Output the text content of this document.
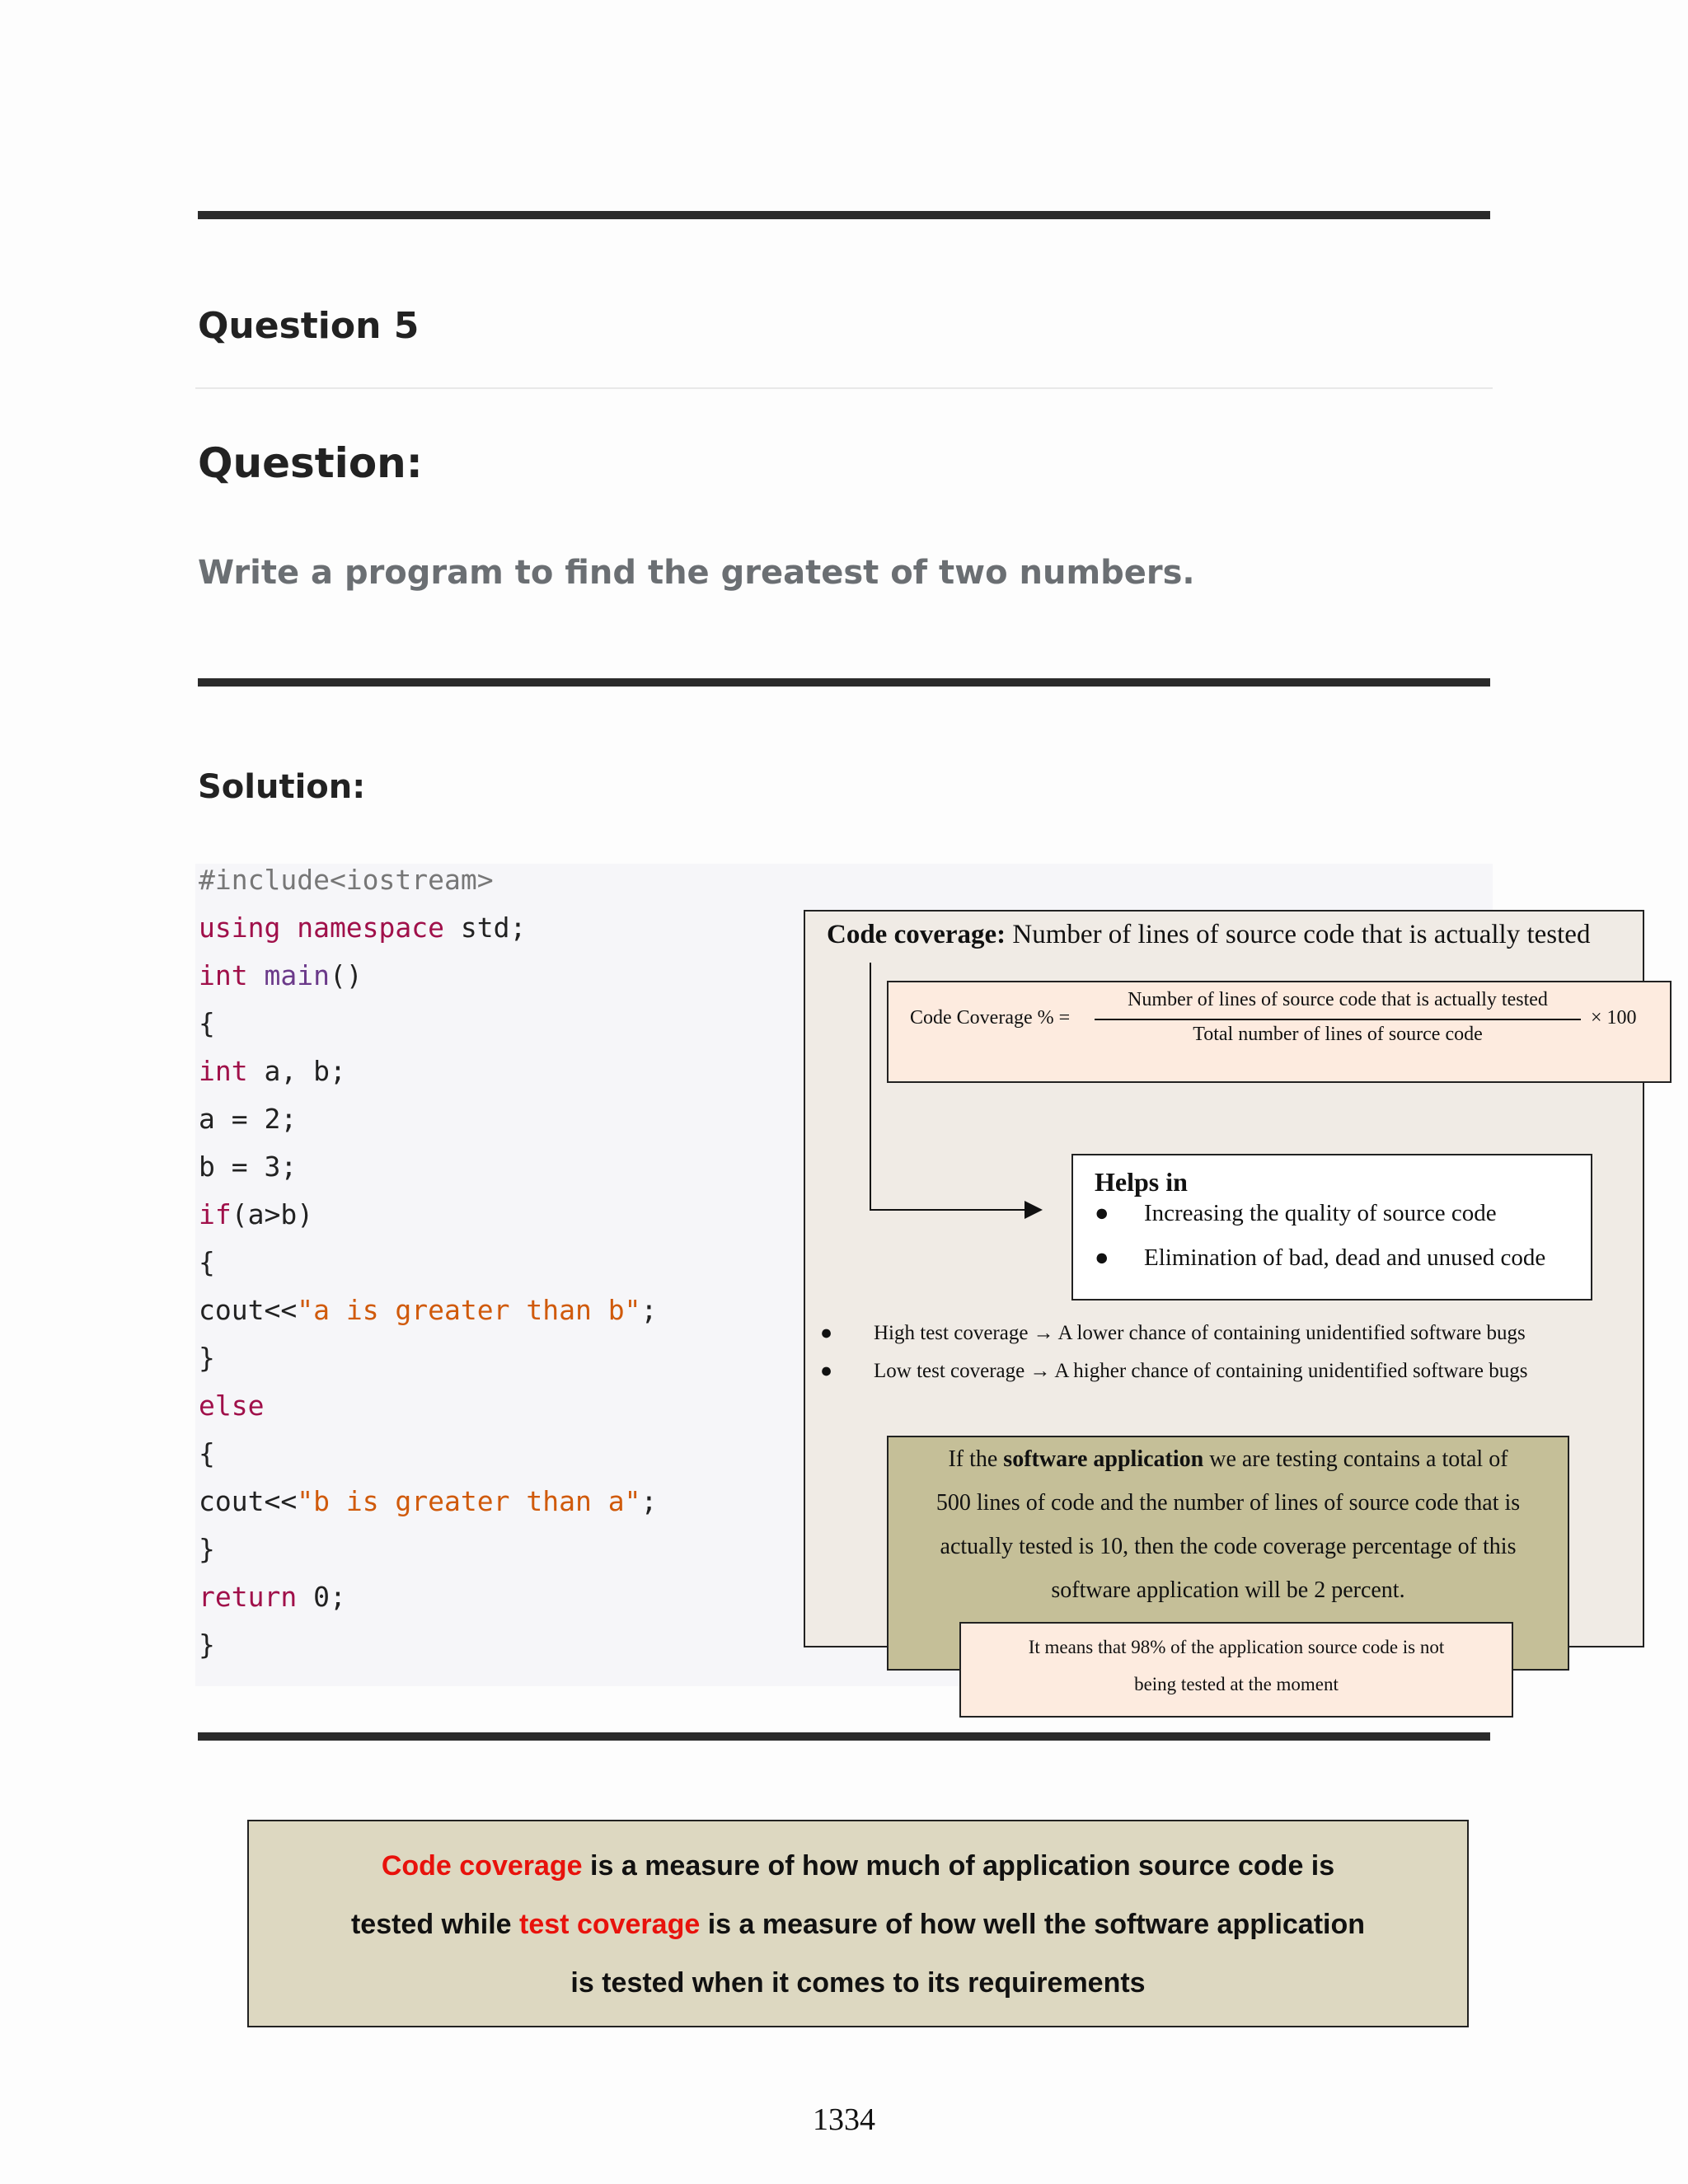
Question 5
Question:
Write a program to find the greatest of two numbers.
Solution:
#include<iostream>
using namespace std;
int main()
{
int a, b;
a = 2;
b = 3;
if(a>b)
{
cout<<"a is greater than b";
}
else
{
cout<<"b is greater than a";
}
return 0;
}
Code coverage: Number of lines of source code that is actually tested
Code Coverage % =
Number of lines of source code that is actually tested
Total number of lines of source code
× 100
Helps in
● Increasing the quality of source code
● Elimination of bad, dead and unused code
● High test coverage → A lower chance of containing unidentified software bugs
● Low test coverage → A higher chance of containing unidentified software bugs
If the software application we are testing contains a total of
500 lines of code and the number of lines of source code that is
actually tested is 10, then the code coverage percentage of this
software application will be 2 percent.
It means that 98% of the application source code is not
being tested at the moment
Code coverage is a measure of how much of application source code is
tested while test coverage is a measure of how well the software application
is tested when it comes to its requirements
1334
